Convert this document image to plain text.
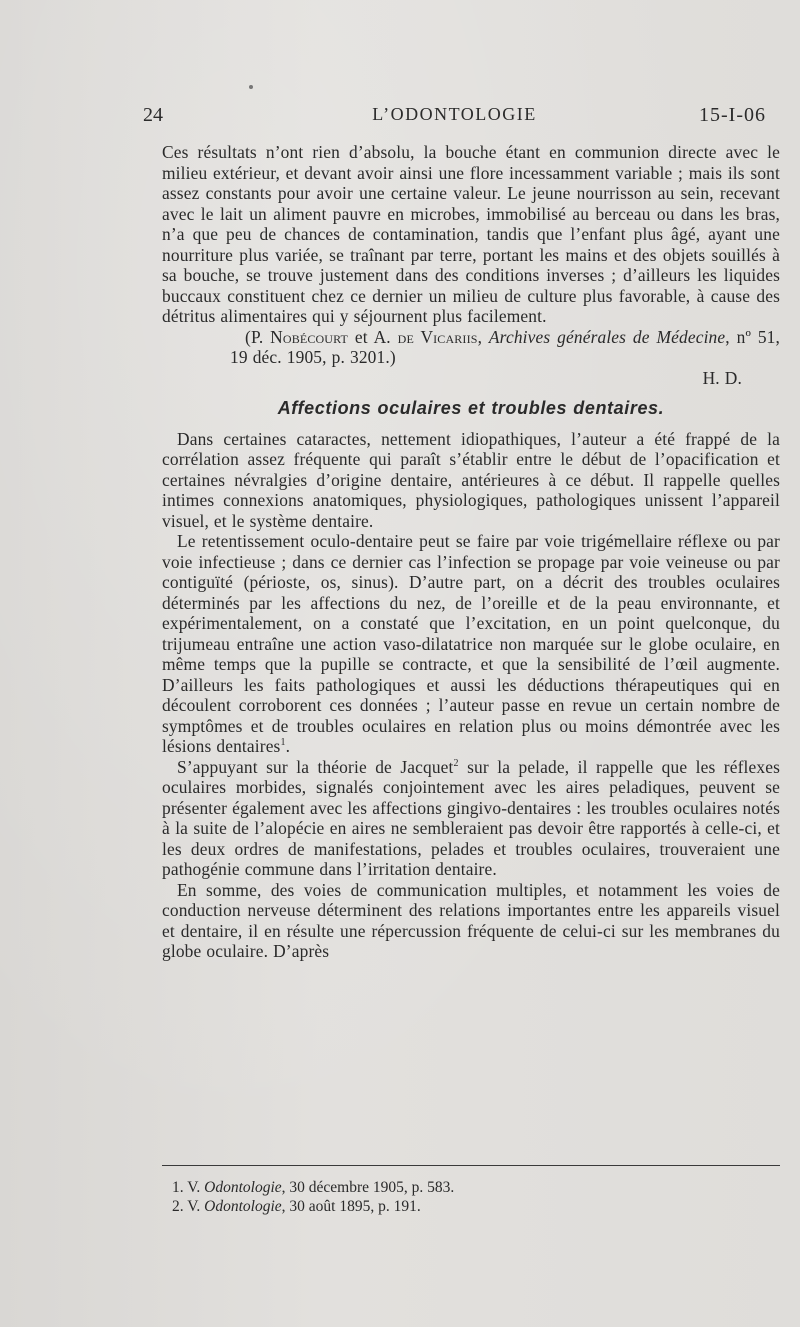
24	L’ODONTOLOGIE	15-I-06

Ces résultats n’ont rien d’absolu, la bouche étant en communion directe avec le milieu extérieur, et devant avoir ainsi une flore incessamment variable ; mais ils sont assez constants pour avoir une certaine valeur. Le jeune nourrisson au sein, recevant avec le lait un aliment pauvre en microbes, immobilisé au berceau ou dans les bras, n’a que peu de chances de contamination, tandis que l’enfant plus âgé, ayant une nourriture plus variée, se traînant par terre, portant les mains et des objets souillés à sa bouche, se trouve justement dans des conditions inverses ; d’ailleurs les liquides buccaux constituent chez ce dernier un milieu de culture plus favorable, à cause des détritus alimentaires qui y séjournent plus facilement.

(P. Nobécourt et A. de Vicariis, Archives générales de Médecine, nº 51, 19 déc. 1905, p. 3201.)

H. D.

Affections oculaires et troubles dentaires.

Dans certaines cataractes, nettement idiopathiques, l’auteur a été frappé de la corrélation assez fréquente qui paraît s’établir entre le début de l’opacification et certaines névralgies d’origine dentaire, antérieures à ce début. Il rappelle quelles intimes connexions anatomiques, physiologiques, pathologiques unissent l’appareil visuel, et le système dentaire.

Le retentissement oculo-dentaire peut se faire par voie trigémellaire réflexe ou par voie infectieuse ; dans ce dernier cas l’infection se propage par voie veineuse ou par contiguïté (périoste, os, sinus). D’autre part, on a décrit des troubles oculaires déterminés par les affections du nez, de l’oreille et de la peau environnante, et expérimentalement, on a constaté que l’excitation, en un point quelconque, du trijumeau entraîne une action vaso-dilatatrice non marquée sur le globe oculaire, en même temps que la pupille se contracte, et que la sensibilité de l’œil augmente. D’ailleurs les faits pathologiques et aussi les déductions thérapeutiques qui en découlent corroborent ces données ; l’auteur passe en revue un certain nombre de symptômes et de troubles oculaires en relation plus ou moins démontrée avec les lésions dentaires$^1$.

S’appuyant sur la théorie de Jacquet$^2$ sur la pelade, il rappelle que les réflexes oculaires morbides, signalés conjointement avec les aires peladiques, peuvent se présenter également avec les affections gingivo-dentaires : les troubles oculaires notés à la suite de l’alopécie en aires ne sembleraient pas devoir être rapportés à celle-ci, et les deux ordres de manifestations, pelades et troubles oculaires, trouveraient une pathogénie commune dans l’irritation dentaire.

En somme, des voies de communication multiples, et notamment les voies de conduction nerveuse déterminent des relations importantes entre les appareils visuel et dentaire, il en résulte une répercussion fréquente de celui-ci sur les membranes du globe oculaire. D’après

1. V. Odontologie, 30 décembre 1905, p. 583.

2. V. Odontologie, 30 août 1895, p. 191.
